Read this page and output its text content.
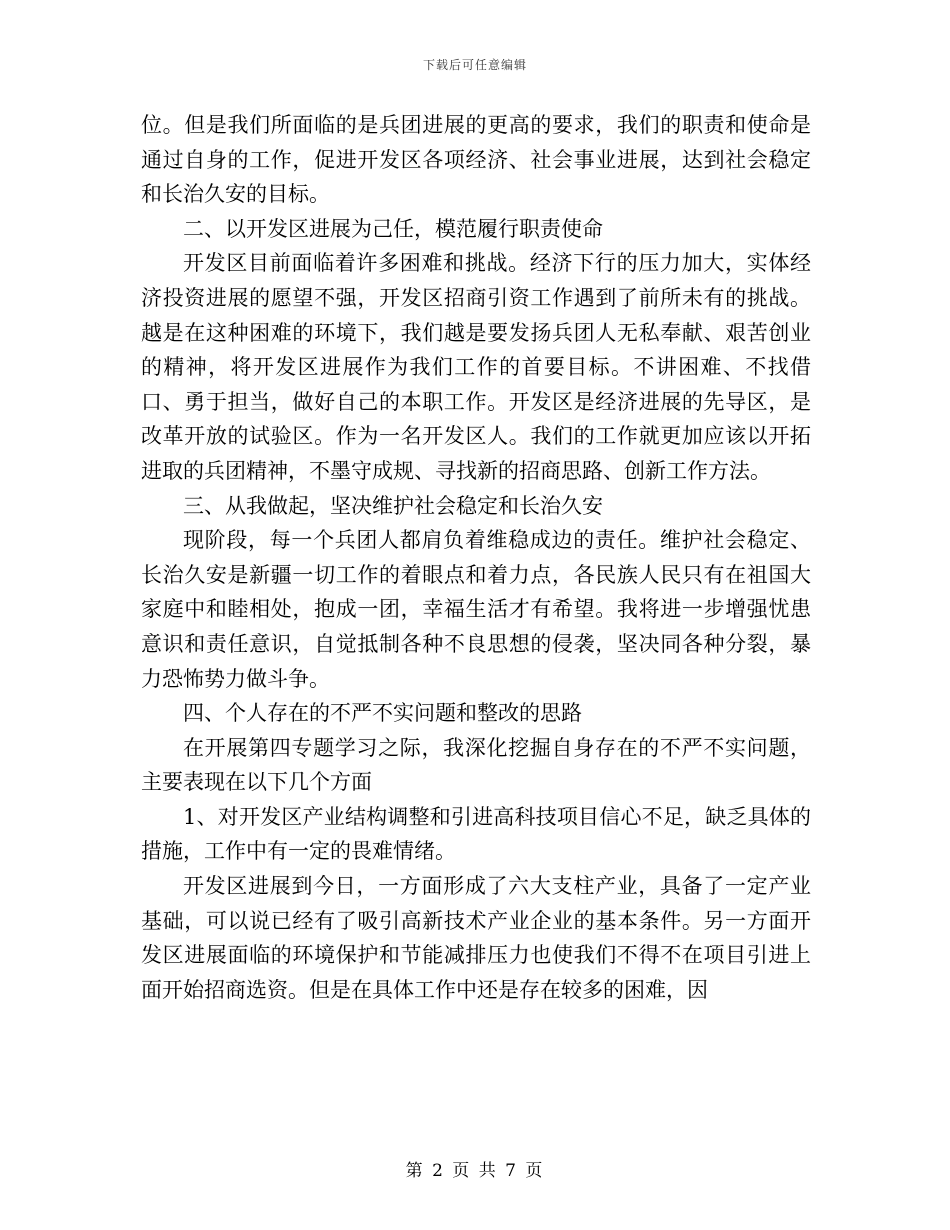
下载后可任意编辑

位。但是我们所面临的是兵团进展的更高的要求，我们的职责和使命是通过自身的工作，促进开发区各项经济、社会事业进展，达到社会稳定和长治久安的目标。

二、以开发区进展为己任，模范履行职责使命

开发区目前面临着许多困难和挑战。经济下行的压力加大，实体经济投资进展的愿望不强，开发区招商引资工作遇到了前所未有的挑战。越是在这种困难的环境下，我们越是要发扬兵团人无私奉献、艰苦创业的精神，将开发区进展作为我们工作的首要目标。不讲困难、不找借口、勇于担当，做好自己的本职工作。开发区是经济进展的先导区，是改革开放的试验区。作为一名开发区人。我们的工作就更加应该以开拓进取的兵团精神，不墨守成规、寻找新的招商思路、创新工作方法。

三、从我做起，坚决维护社会稳定和长治久安

现阶段，每一个兵团人都肩负着维稳成边的责任。维护社会稳定、长治久安是新疆一切工作的着眼点和着力点，各民族人民只有在祖国大家庭中和睦相处，抱成一团，幸福生活才有希望。我将进一步增强忧患意识和责任意识，自觉抵制各种不良思想的侵袭，坚决同各种分裂，暴力恐怖势力做斗争。

四、个人存在的不严不实问题和整改的思路

在开展第四专题学习之际，我深化挖掘自身存在的不严不实问题，主要表现在以下几个方面

1、对开发区产业结构调整和引进高科技项目信心不足，缺乏具体的措施，工作中有一定的畏难情绪。

开发区进展到今日，一方面形成了六大支柱产业，具备了一定产业基础，可以说已经有了吸引高新技术产业企业的基本条件。另一方面开发区进展面临的环境保护和节能减排压力也使我们不得不在项目引进上面开始招商选资。但是在具体工作中还是存在较多的困难，因

第 2 页 共 7 页
